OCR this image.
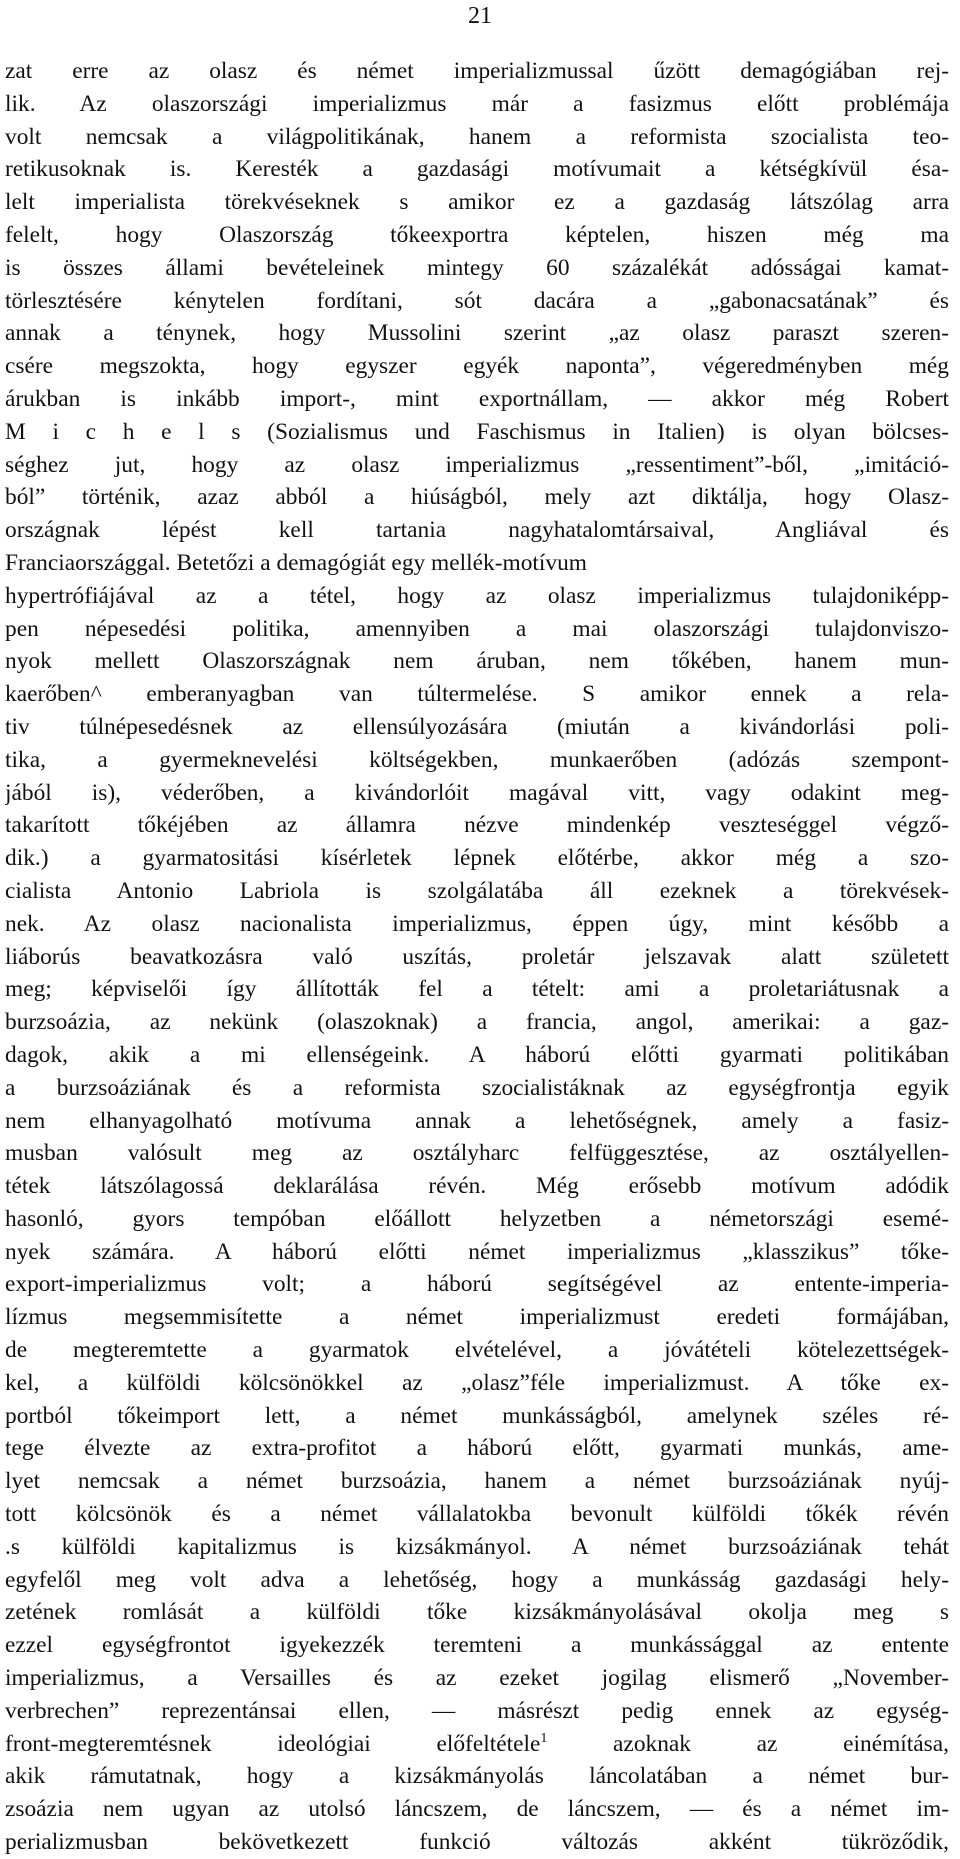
21
zat erre az olasz és német imperializmussal űzött demagógiában rej-
lik. Az olaszországi imperializmus már a fasizmus előtt problémája
volt nemcsak a világpolitikának, hanem a reformista szocialista teo-
retikusoknak is. Keresték a gazdasági motívumait a kétségkívül ésa-
lelt imperialista törekvéseknek s amikor ez a gazdaság látszólag arra
felelt, hogy Olaszország tőkeexportra képtelen, hiszen még ma
is összes állami bevételeinek mintegy 60 százalékát adósságai kamat-
törlesztésére kénytelen fordítani, sót dacára a „gabonacsatának” és
annak a ténynek, hogy Mussolini szerint „az olasz paraszt szeren-
csére megszokta, hogy egyszer egyék naponta”, végeredményben még
árukban is inkább import-, mint exportnállam, — akkor még Robert
M i c h e l s (Sozialismus und Faschismus in Italien) is olyan bölcses-
séghez jut, hogy az olasz imperializmus „ressentiment”-ből, „imitáció-
ból” történik, azaz abból a hiúságból, mely azt diktálja, hogy Olasz-
országnak lépést kell tartania nagyhatalomtársaival, Angliával és
Franciaországgal. Betetőzi a demagógiát egy mellék-motívum
hypertrófiájával az a tétel, hogy az olasz imperializmus tulajdoniképp-
pen népesedési politika, amennyiben a mai olaszországi tulajdonviszo-
nyok mellett Olaszországnak nem áruban, nem tőkében, hanem mun-
kaerőben^ emberanyagban van túltermelése. S amikor ennek a rela-
tiv túlnépesedésnek az ellensúlyozására (miután a kivándorlási poli-
tika, a gyermeknevelési költségekben, munkaerőben (adózás szempont-
jából is), véderőben, a kivándorlóit magával vitt, vagy odakint meg-
takarított tőkéjében az államra nézve mindenkép veszteséggel végző-
dik.) a gyarmatositási kísérletek lépnek előtérbe, akkor még a szo-
cialista Antonio Labriola is szolgálatába áll ezeknek a törekvések-
nek. Az olasz nacionalista imperializmus, éppen úgy, mint később a
liáborús beavatkozásra való uszítás, proletár jelszavak alatt született
meg; képviselői így állították fel a tételt: ami a proletariátusnak a
burzsoázia, az nekünk (olaszoknak) a francia, angol, amerikai: a gaz-
dagok, akik a mi ellenségeink. A háború előtti gyarmati politikában
a burzsoáziának és a reformista szocialistáknak az egységfrontja egyik
nem elhanyagolható motívuma annak a lehetőségnek, amely a fasiz-
musban valósult meg az osztályharc felfüggesztése, az osztályellen-
tétek látszólagossá deklarálása révén. Még erősebb motívum adódik
hasonló, gyors tempóban előállott helyzetben a németországi esemé-
nyek számára. A háború előtti német imperializmus „klasszikus” tőke-
export-imperializmus volt; a háború segítségével az entente-imperia-
lízmus megsemmisítette a német imperializmust eredeti formájában,
de megteremtette a gyarmatok elvételével, a jóvátételi kötelezettségek-
kel, a külföldi kölcsönökkel az „olasz”féle imperializmust. A tőke ex-
portból tőkeimport lett, a német munkásságból, amelynek széles ré-
tege élvezte az extra-profitot a háború előtt, gyarmati munkás, ame-
lyet nemcsak a német burzsoázia, hanem a német burzsoáziának nyúj-
tott kölcsönök és a német vállalatokba bevonult külföldi tőkék révén
.s külföldi kapitalizmus is kizsákmányol. A német burzsoáziának tehát
egyfelől meg volt adva a lehetőség, hogy a munkásság gazdasági hely-
zetének romlását a külföldi tőke kizsákmányolásával okolja meg s
ezzel egységfrontot igyekezzék teremteni a munkássággal az entente
imperializmus, a Versailles és az ezeket jogilag elismerő „November-
verbrechen” reprezentánsai ellen, — másrészt pedig ennek az egység-
front-megteremtésnek ideológiai előfeltétele$^1$ azoknak az einémítása,
akik rámutatnak, hogy a kizsákmányolás láncolatában a német bur-
zsoázia nem ugyan az utolsó láncszem, de láncszem, — és a német im-
perializmusban bekövetkezett funkció változás akként tükröződik,
